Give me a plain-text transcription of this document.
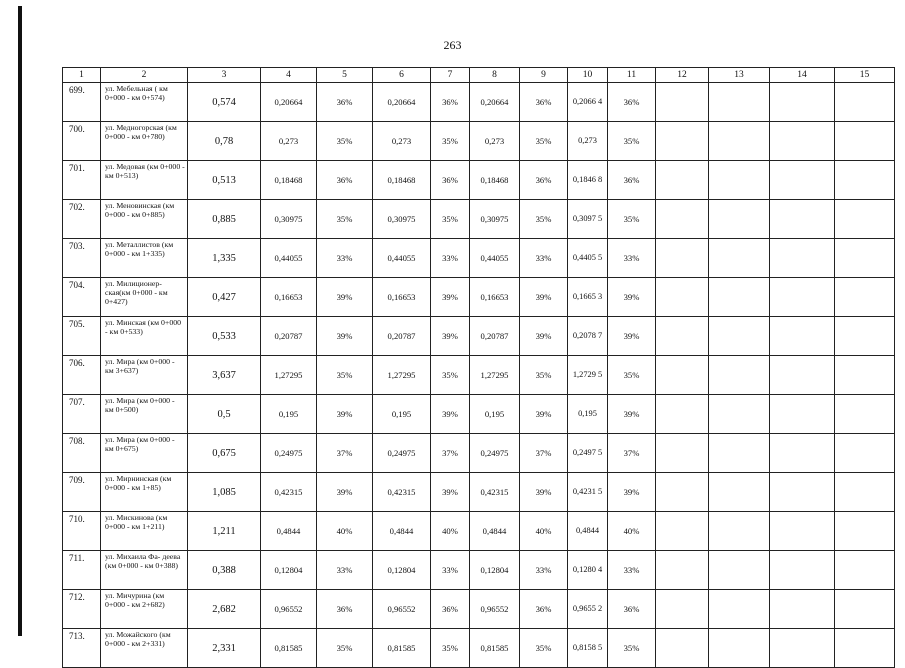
263
1	2	3	4	5	6	7	8	9	10	11	12	13	14	15
699.	ул. Мебельная ( км 0+000 - км 0+574)	0,574	0,20664	36%	0,20664	36%	0,20664	36%	0,2066 4	36%				
700.	ул. Медногорская (км 0+000 - км 0+780)	0,78	0,273	35%	0,273	35%	0,273	35%	0,273	35%				
701.	ул. Медовая (км 0+000 - км 0+513)	0,513	0,18468	36%	0,18468	36%	0,18468	36%	0,1846 8	36%				
702.	ул. Меновинская (км 0+000 - км 0+885)	0,885	0,30975	35%	0,30975	35%	0,30975	35%	0,3097 5	35%				
703.	ул. Металлистов (км 0+000 - км 1+335)	1,335	0,44055	33%	0,44055	33%	0,44055	33%	0,4405 5	33%				
704.	ул. Милиционер- ская(км 0+000 - км 0+427)	0,427	0,16653	39%	0,16653	39%	0,16653	39%	0,1665 3	39%				
705.	ул. Минская (км 0+000 - км 0+533)	0,533	0,20787	39%	0,20787	39%	0,20787	39%	0,2078 7	39%				
706.	ул. Мира (км 0+000 - км 3+637)	3,637	1,27295	35%	1,27295	35%	1,27295	35%	1,2729 5	35%				
707.	ул. Мира (км 0+000 - км 0+500)	0,5	0,195	39%	0,195	39%	0,195	39%	0,195	39%				
708.	ул. Мира (км 0+000 - км 0+675)	0,675	0,24975	37%	0,24975	37%	0,24975	37%	0,2497 5	37%				
709.	ул. Мирнинская (км 0+000 - км 1+85)	1,085	0,42315	39%	0,42315	39%	0,42315	39%	0,4231 5	39%				
710.	ул. Мискинова (км 0+000 - км 1+211)	1,211	0,4844	40%	0,4844	40%	0,4844	40%	0,4844	40%				
711.	ул. Михаила Фа- деева (км 0+000 - км 0+388)	0,388	0,12804	33%	0,12804	33%	0,12804	33%	0,1280 4	33%				
712.	ул. Мичурина (км 0+000 - км 2+682)	2,682	0,96552	36%	0,96552	36%	0,96552	36%	0,9655 2	36%				
713.	ул. Можайского (км 0+000 - км 2+331)	2,331	0,81585	35%	0,81585	35%	0,81585	35%	0,8158 5	35%				
